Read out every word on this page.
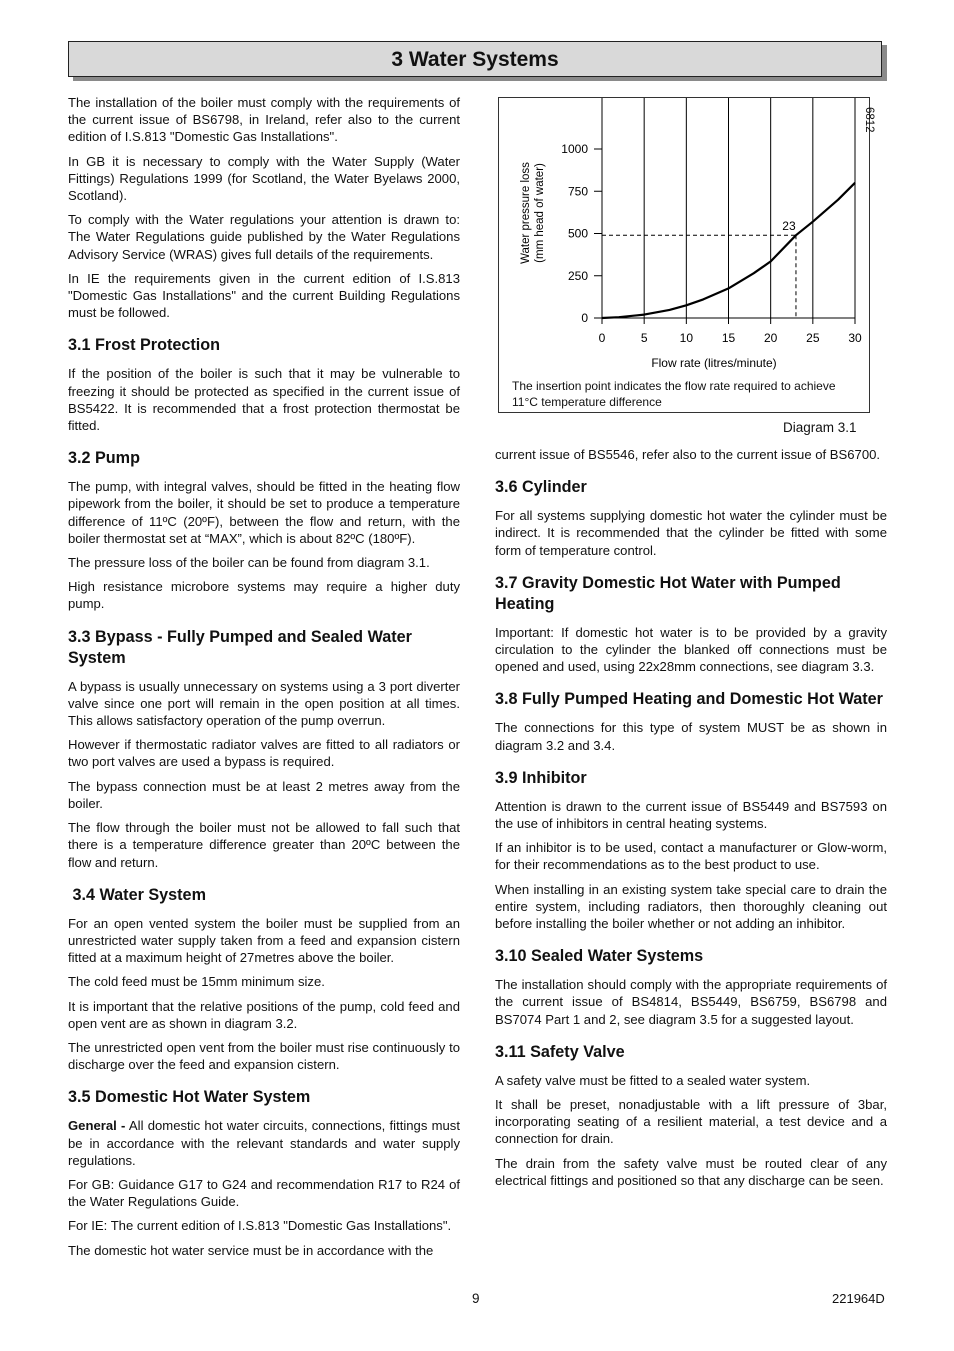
3 Water Systems

The installation of the boiler must comply with the requirements of the current issue of BS6798, in Ireland, refer also to the current edition of I.S.813 "Domestic Gas Installations".

In GB it is necessary to comply with the Water Supply (Water Fittings) Regulations 1999 (for Scotland, the Water Byelaws 2000, Scotland).

To comply with the Water regulations your attention is drawn to: The Water Regulations guide published by the Water Regulations Advisory Service (WRAS) gives full details of the requirements.

In IE the requirements given in the current edition of I.S.813 "Domestic Gas Installations" and the current Building Regulations must be followed.

3.1 Frost Protection

If the position of the boiler is such that it may be vulnerable to freezing it should be protected as specified in the current issue of BS5422. It is recommended that a frost protection thermostat be fitted.

3.2 Pump

The pump, with integral valves, should be fitted in the heating flow pipework from the boiler, it should be set to produce a temperature difference of 11ºC (20ºF), between the flow and return, with the boiler thermostat set at “MAX”, which is about 82ºC (180ºF).

The pressure loss of the boiler can be found from diagram 3.1.

High resistance microbore systems may require a higher duty pump.

3.3 Bypass - Fully Pumped and Sealed Water System

A bypass is usually unnecessary on systems using a 3 port diverter valve since one port will remain in the open position at all times. This allows satisfactory operation of the pump overrun.

However if thermostatic radiator valves are fitted to all radiators or two port valves are used a bypass is required.

The bypass connection must be at least 2 metres away from the boiler.

The flow through the boiler must not be allowed to fall such that there is a temperature difference greater than 20ºC between the flow and return.

3.4 Water System

For an open vented system the boiler must be supplied from an unrestricted water supply taken from a feed and expansion cistern fitted at a maximum height of 27metres above the boiler.

The cold feed must be 15mm minimum size.

It is important that the relative positions of the pump, cold feed and open vent are as shown in diagram 3.2.

The unrestricted open vent from the boiler must rise continuously to discharge over the feed and expansion cistern.

3.5 Domestic Hot Water System

General - All domestic hot water circuits, connections, fittings must be in accordance with the relevant standards and water supply regulations.

For GB: Guidance G17 to G24 and recommendation R17 to R24 of the Water Regulations Guide.

For IE: The current edition of I.S.813 "Domestic Gas Installations".

The domestic hot water service must be in accordance with the

0
250
500
750
1000
0	5	10 15 20 25 30
23
Flow rate (litres/minute)
Water pressure loss (mm head of water)
The insertion point indicates the flow rate required to achieve 11°C temperature difference
6812
Diagram 3.1

current issue of BS5546, refer also to the current issue of BS6700.

3.6 Cylinder

For all systems supplying domestic hot water the cylinder must be indirect. It is recommended that the cylinder be fitted with some form of temperature control.

3.7 Gravity Domestic Hot Water with Pumped Heating

Important: If domestic hot water is to be provided by a gravity circulation to the cylinder the blanked off connections must be opened and used, using 22x28mm connections, see diagram 3.3.

3.8 Fully Pumped Heating and Domestic Hot Water

The connections for this type of system MUST be as shown in diagram 3.2 and 3.4.

3.9 Inhibitor

Attention is drawn to the current issue of BS5449 and BS7593 on the use of inhibitors in central heating systems.

If an inhibitor is to be used, contact a manufacturer or Glow-worm, for their recommendations as to the best product to use.

When installing in an existing system take special care to drain the entire system, including radiators, then thoroughly cleaning out before installing the boiler whether or not adding an inhibitor.

3.10 Sealed Water Systems

The installation should comply with the appropriate requirements of the current issue of BS4814, BS5449, BS6759, BS6798 and BS7074 Part 1 and 2, see diagram 3.5 for a suggested layout.

3.11 Safety Valve

A safety valve must be fitted to a sealed water system.

It shall be preset, nonadjustable with a lift pressure of 3bar, incorporating seating of a resilient material, a test device and a connection for drain.

The drain from the safety valve must be routed clear of any electrical fittings and positioned so that any discharge can be seen.

9	221964D
